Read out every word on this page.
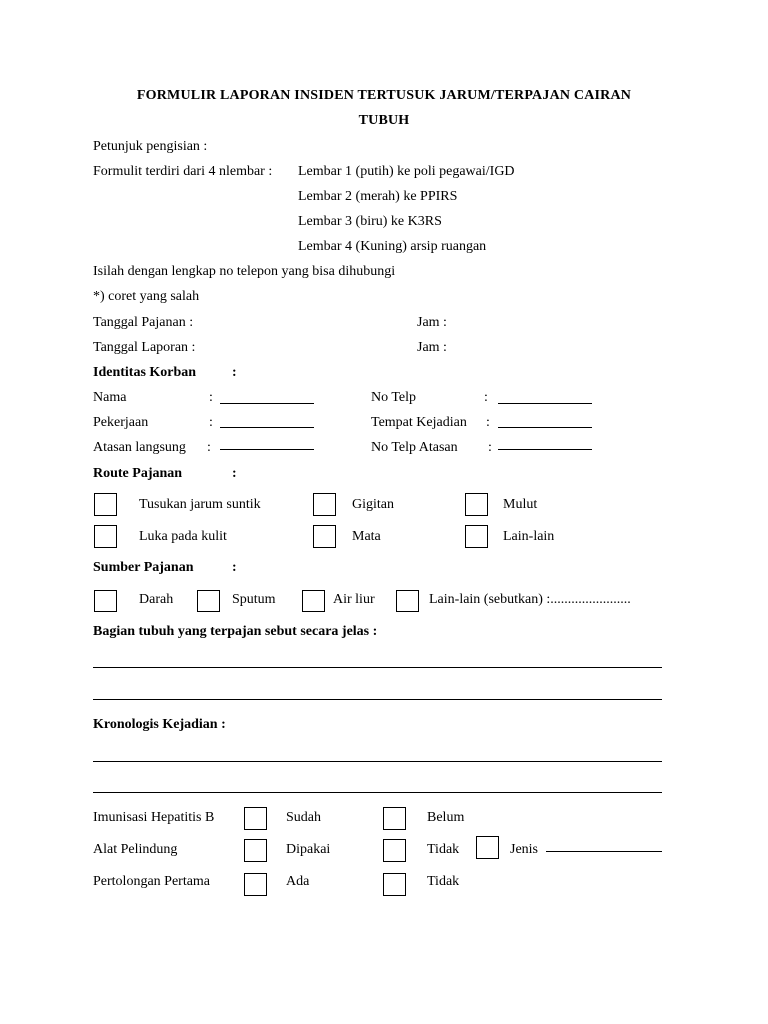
FORMULIR LAPORAN INSIDEN TERTUSUK JARUM/TERPAJAN CAIRAN
TUBUH
Petunjuk pengisian :
Formulit terdiri dari 4 nlembar : Lembar 1 (putih) ke poli pegawai/IGD
Lembar 2 (merah) ke PPIRS
Lembar 3 (biru) ke K3RS
Lembar 4 (Kuning) arsip ruangan
Isilah dengan lengkap no telepon yang bisa dihubungi
*) coret yang salah
Tanggal Pajanan :	Jam :
Tanggal Laporan :	Jam :
Identitas Korban	:
Nama	:	No Telp	:
Pekerjaan	:	Tempat Kejadian :
Atasan langsung :	No Telp Atasan :
Route Pajanan	:
Tusukan jarum suntik	Gigitan	Mulut
Luka pada kulit	Mata	Lain-lain
Sumber Pajanan	:
Darah	Sputum	Air liur	Lain-lain (sebutkan) :.......................
Bagian tubuh yang terpajan sebut secara jelas :
Kronologis Kejadian :
Imunisasi Hepatitis B	Sudah	Belum
Alat Pelindung	Dipakai	Tidak	Jenis
Pertolongan Pertama	Ada	Tidak
